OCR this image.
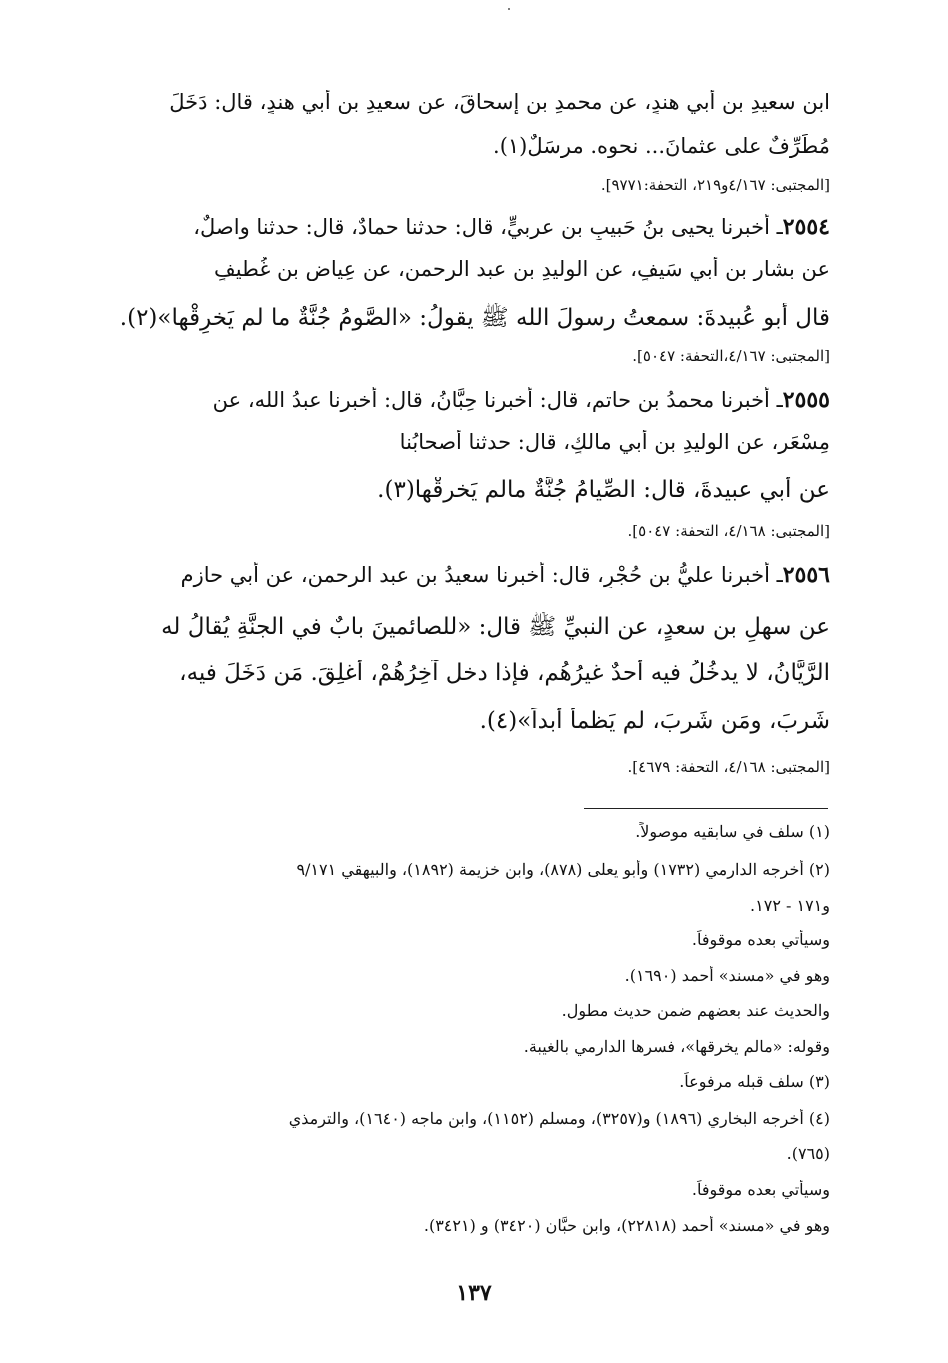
ابن سعيدِ بن أبي هندٍ، عن محمدِ بن إسحاقَ، عن سعيدِ بن أبي هندٍ، قال: دَخَلَ
مُطَرِّفٌ على عثمانَ... نحوه. مرسَلٌ(١).
[المجتبى: ٤/١٦٧و٢١٩، التحفة:٩٧٧١].
٢٥٥٤ـ أخبرنا يحيى بنُ حَبيبِ بن عربيٍّ، قال: حدثنا حمادٌ، قال: حدثنا واصلٌ،
عن بشارِ بن أبي سَيفٍ، عن الوليدِ بن عبد الرحمن، عن عِياضِ بن غُطيفٍ
قال أبو عُبيدةَ: سمعتُ رسولَ الله ﷺ يقولُ: «الصَّومُ جُنَّةٌ ما لم يَخرِقْها»(٢).
[المجتبى: ٤/١٦٧،التحفة: ٥٠٤٧].
٢٥٥٥ـ أخبرنا محمدُ بن حاتمٍ، قال: أخبرنا حِبَّانُ، قال: أخبرنا عبدُ الله، عن
مِسْعَرٍ، عن الوليدِ بن أبي مالكٍ، قال: حدثنا أصحابُنا
عن أبي عبيدةَ، قال: الصِّيامُ جُنَّةٌ مالم يَخرِقْها(٣).
[المجتبى: ٤/١٦٨، التحفة: ٥٠٤٧].
٢٥٥٦ـ أخبرنا عليُّ بن حُجْرٍ، قال: أخبرنا سعيدُ بن عبد الرحمن، عن أبي حازمٍ
عن سهلِ بن سعدٍ، عن النبيِّ ﷺ قال: «للصائمينَ بابٌ في الجنَّةِ يُقالُ له
الرَّيَّانُ، لا يدخُلُ فيه أحدٌ غيرُهُم، فإذا دخل آخِرُهُمْ، أُغلِقَ. مَن دَخَلَ فيه،
شَرِبَ، ومَن شَرِبَ، لم يَظمأْ أبداً»(٤).
[المجتبى: ٤/١٦٨، التحفة: ٤٦٧٩].
(١) سلف في سابقيه موصولاً.
(٢) أخرجه الدارمي (١٧٣٢) وأبو يعلى (٨٧٨)، وابن خزيمة (١٨٩٢)، والبيهقي ٩/١٧١
و١٧١ - ١٧٢.
وسيأتي بعده موقوفاً.
وهو في «مسند» أحمد (١٦٩٠).
والحديث عند بعضهم ضمن حديث مطول.
وقوله: «مالم يخرقها»، فسرها الدارمي بالغيبة.
(٣) سلف قبله مرفوعاً.
(٤) أخرجه البخاري (١٨٩٦) و(٣٢٥٧)، ومسلم (١١٥٢)، وابن ماجه (١٦٤٠)، والترمذي
(٧٦٥).
وسيأتي بعده موقوفاً.
وهو في «مسند» أحمد (٢٢٨١٨)، وابن حبَّان (٣٤٢٠) و (٣٤٢١).
١٣٧
